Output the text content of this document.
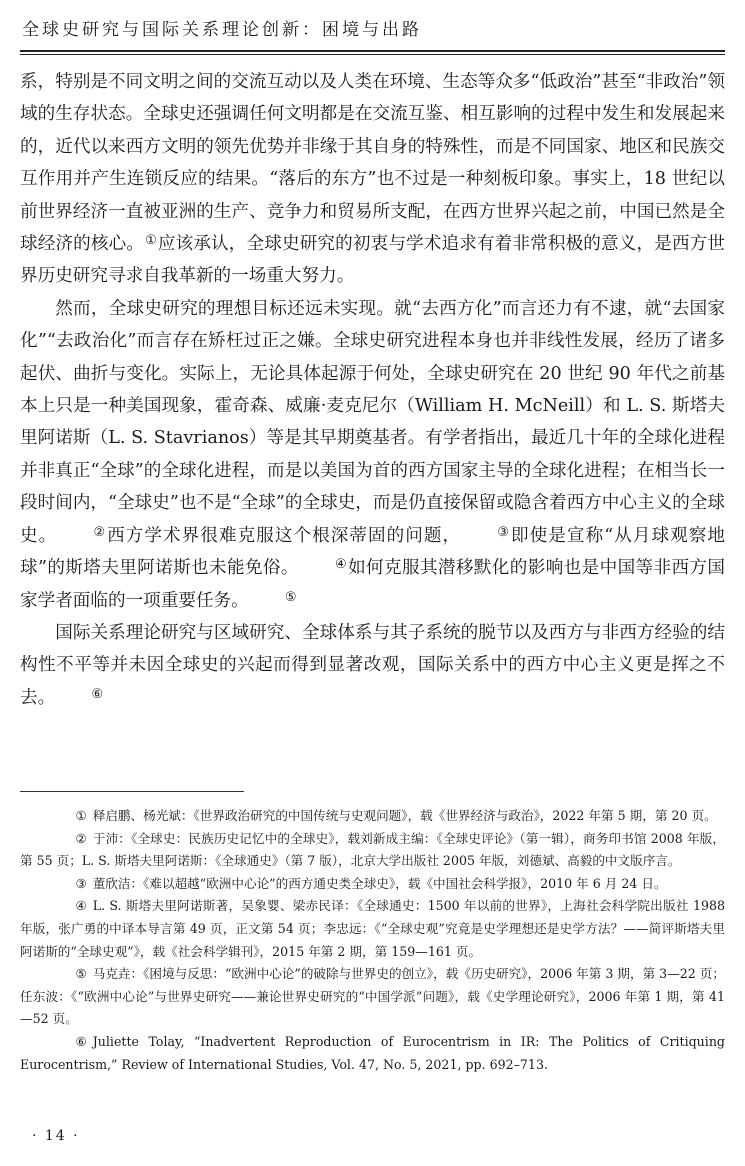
全球史研究与国际关系理论创新：困境与出路

系，特别是不同文明之间的交流互动以及人类在环境、生态等众多“低政治”甚至“非政治”领域的生存状态。全球史还强调任何文明都是在交流互鉴、相互影响的过程中发生和发展起来的，近代以来西方文明的领先优势并非缘于其自身的特殊性，而是不同国家、地区和民族交互作用并产生连锁反应的结果。“落后的东方”也不过是一种刻板印象。事实上，18 世纪以前世界经济一直被亚洲的生产、竞争力和贸易所支配，在西方世界兴起之前，中国已然是全球经济的核心。①应该承认，全球史研究的初衷与学术追求有着非常积极的意义，是西方世界历史研究寻求自我革新的一场重大努力。

然而，全球史研究的理想目标还远未实现。就“去西方化”而言还力有不逮，就“去国家化”“去政治化”而言存在矫枉过正之嫌。全球史研究进程本身也并非线性发展，经历了诸多起伏、曲折与变化。实际上，无论具体起源于何处，全球史研究在 20 世纪 90 年代之前基本上只是一种美国现象，霍奇森、威廉·麦克尼尔（William H. McNeill）和 L. S. 斯塔夫里阿诺斯（L. S. Stavrianos）等是其早期奠基者。有学者指出，最近几十年的全球化进程并非真正“全球”的全球化进程，而是以美国为首的西方国家主导的全球化进程；在相当长一段时间内，“全球史”也不是“全球”的全球史，而是仍直接保留或隐含着西方中心主义的全球史。	②西方学术界很难克服这个根深蒂固的问题，	③即使是宣称“从月球观察地球”的斯塔夫里阿诺斯也未能免俗。	④如何克服其潜移默化的影响也是中国等非西方国家学者面临的一项重要任务。	⑤

国际关系理论研究与区域研究、全球体系与其子系统的脱节以及西方与非西方经验的结构性不平等并未因全球史的兴起而得到显著改观，国际关系中的西方中心主义更是挥之不去。	⑥

① 释启鹏、杨光斌：《世界政治研究的中国传统与史观问题》，载《世界经济与政治》，2022 年第 5 期，第 20 页。

② 于沛：《全球史：民族历史记忆中的全球史》，载刘新成主编：《全球史评论》（第一辑），商务印书馆 2008 年版，第 55 页；L. S. 斯塔夫里阿诺斯：《全球通史》（第 7 版），北京大学出版社 2005 年版，刘德斌、高毅的中文版序言。

③ 董欣洁：《难以超越“欧洲中心论”的西方通史类全球史》，载《中国社会科学报》，2010 年 6 月 24 日。

④ L. S. 斯塔夫里阿诺斯著，吴象婴、梁赤民译：《全球通史：1500 年以前的世界》，上海社会科学院出版社 1988 年版，张广勇的中译本导言第 49 页，正文第 54 页；李忠远：《“全球史观”究竟是史学理想还是史学方法？——简评斯塔夫里阿诺斯的“全球史观”》，载《社会科学辑刊》，2015 年第 2 期，第 159—161 页。

⑤ 马克垚：《困境与反思：“欧洲中心论”的破除与世界史的创立》，载《历史研究》，2006 年第 3 期，第 3—22 页；任东波：《“欧洲中心论”与世界史研究——兼论世界史研究的“中国学派”问题》，载《史学理论研究》，2006 年第 1 期，第 41—52 页。

⑥ Juliette Tolay, “Inadvertent Reproduction of Eurocentrism in IR: The Politics of Critiquing Eurocentrism,” Review of International Studies, Vol. 47, No. 5, 2021, pp. 692–713.

· 14 ·
